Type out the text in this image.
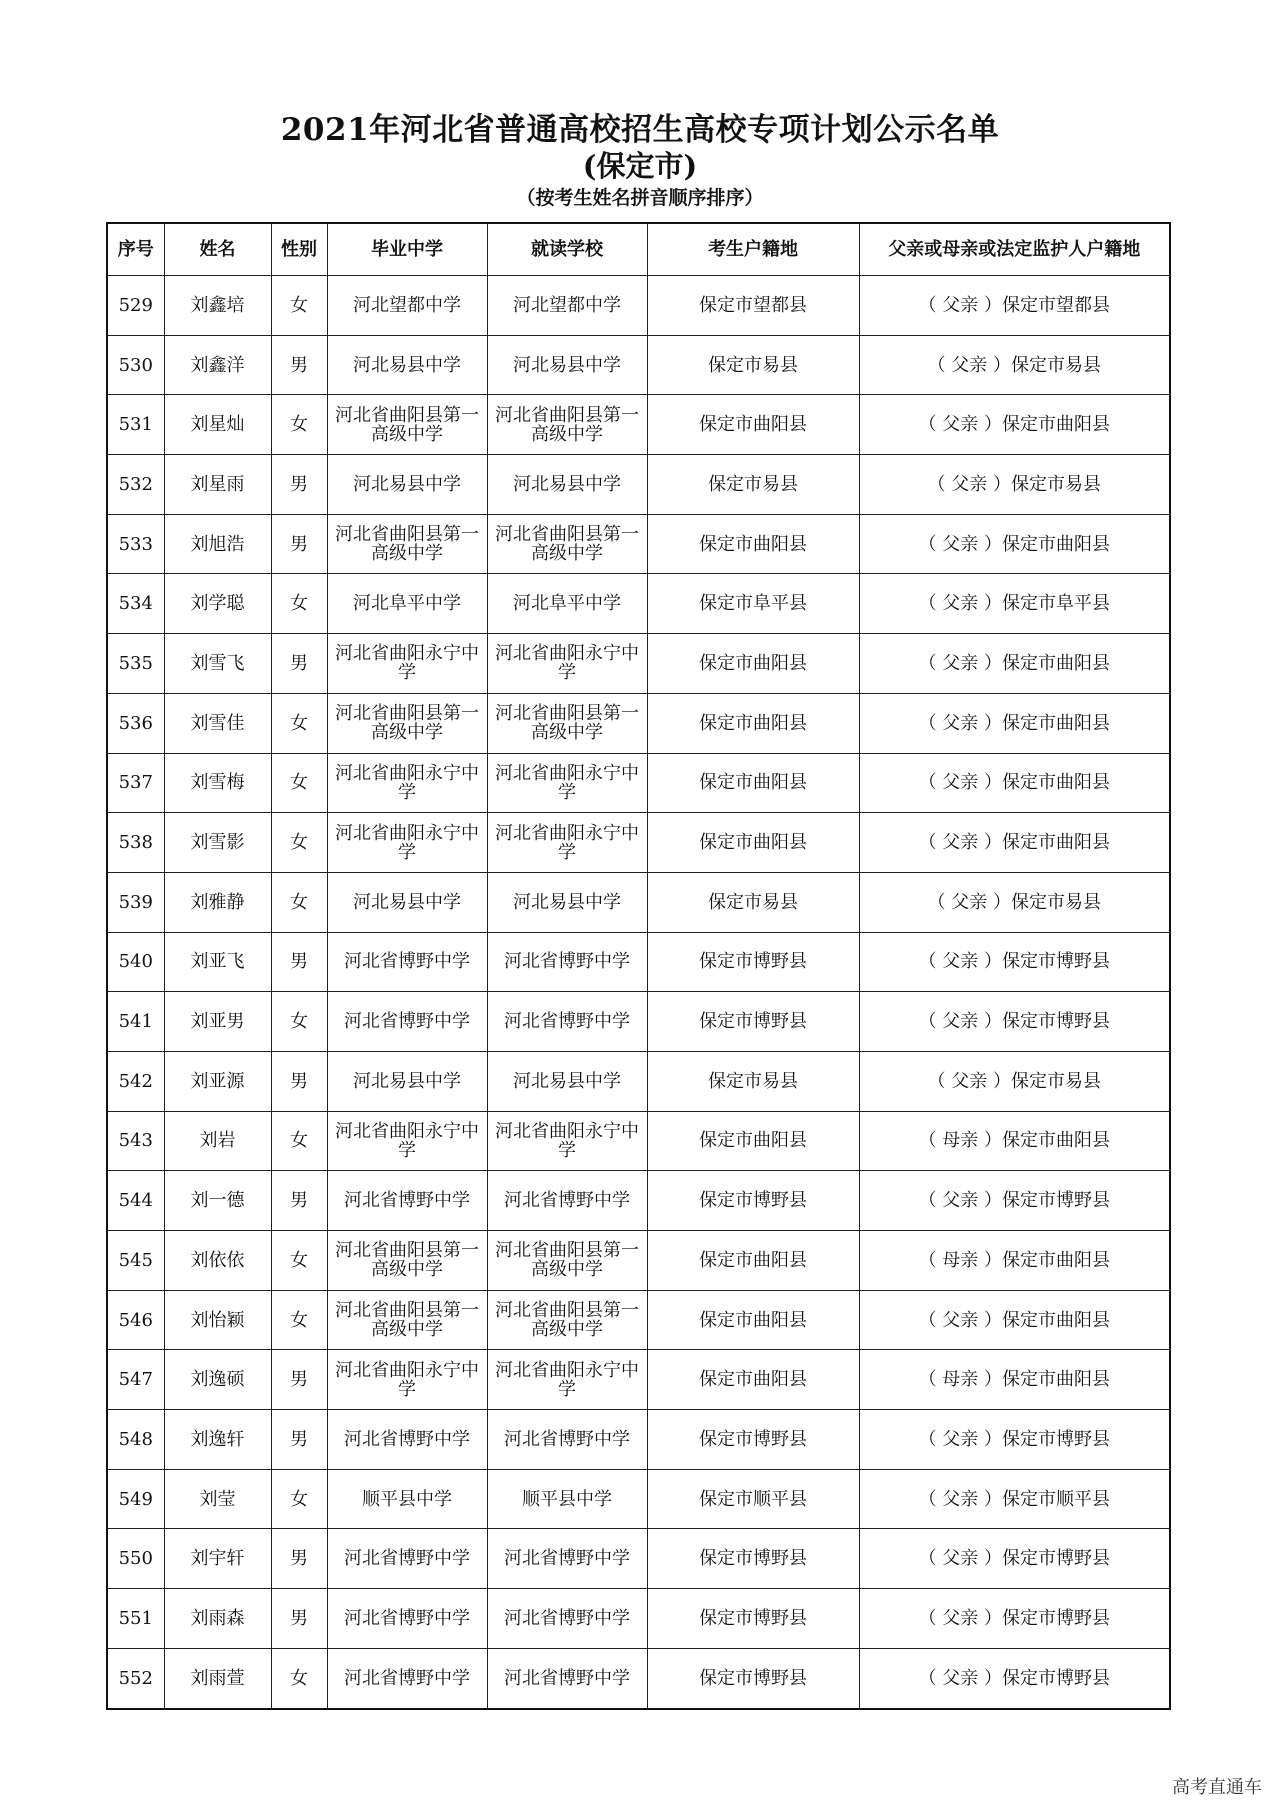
2021年河北省普通高校招生高校专项计划公示名单
(保定市)
（按考生姓名拼音顺序排序）
序号	姓名	性别	毕业中学	就读学校	考生户籍地	父亲或母亲或法定监护人户籍地
529	刘鑫培	女	河北望都中学	河北望都中学	保定市望都县	（ 父亲 ）保定市望都县
530	刘鑫洋	男	河北易县中学	河北易县中学	保定市易县	（ 父亲 ）保定市易县
531	刘星灿	女	河北省曲阳县第一高级中学	河北省曲阳县第一高级中学	保定市曲阳县	（ 父亲 ）保定市曲阳县
532	刘星雨	男	河北易县中学	河北易县中学	保定市易县	（ 父亲 ）保定市易县
533	刘旭浩	男	河北省曲阳县第一高级中学	河北省曲阳县第一高级中学	保定市曲阳县	（ 父亲 ）保定市曲阳县
534	刘学聪	女	河北阜平中学	河北阜平中学	保定市阜平县	（ 父亲 ）保定市阜平县
535	刘雪飞	男	河北省曲阳永宁中学	河北省曲阳永宁中学	保定市曲阳县	（ 父亲 ）保定市曲阳县
536	刘雪佳	女	河北省曲阳县第一高级中学	河北省曲阳县第一高级中学	保定市曲阳县	（ 父亲 ）保定市曲阳县
537	刘雪梅	女	河北省曲阳永宁中学	河北省曲阳永宁中学	保定市曲阳县	（ 父亲 ）保定市曲阳县
538	刘雪影	女	河北省曲阳永宁中学	河北省曲阳永宁中学	保定市曲阳县	（ 父亲 ）保定市曲阳县
539	刘雅静	女	河北易县中学	河北易县中学	保定市易县	（ 父亲 ）保定市易县
540	刘亚飞	男	河北省博野中学	河北省博野中学	保定市博野县	（ 父亲 ）保定市博野县
541	刘亚男	女	河北省博野中学	河北省博野中学	保定市博野县	（ 父亲 ）保定市博野县
542	刘亚源	男	河北易县中学	河北易县中学	保定市易县	（ 父亲 ）保定市易县
543	刘岩	女	河北省曲阳永宁中学	河北省曲阳永宁中学	保定市曲阳县	（ 母亲 ）保定市曲阳县
544	刘一德	男	河北省博野中学	河北省博野中学	保定市博野县	（ 父亲 ）保定市博野县
545	刘依依	女	河北省曲阳县第一高级中学	河北省曲阳县第一高级中学	保定市曲阳县	（ 母亲 ）保定市曲阳县
546	刘怡颖	女	河北省曲阳县第一高级中学	河北省曲阳县第一高级中学	保定市曲阳县	（ 父亲 ）保定市曲阳县
547	刘逸硕	男	河北省曲阳永宁中学	河北省曲阳永宁中学	保定市曲阳县	（ 母亲 ）保定市曲阳县
548	刘逸轩	男	河北省博野中学	河北省博野中学	保定市博野县	（ 父亲 ）保定市博野县
549	刘莹	女	顺平县中学	顺平县中学	保定市顺平县	（ 父亲 ）保定市顺平县
550	刘宇轩	男	河北省博野中学	河北省博野中学	保定市博野县	（ 父亲 ）保定市博野县
551	刘雨森	男	河北省博野中学	河北省博野中学	保定市博野县	（ 父亲 ）保定市博野县
552	刘雨萱	女	河北省博野中学	河北省博野中学	保定市博野县	（ 父亲 ）保定市博野县
高考直通车
